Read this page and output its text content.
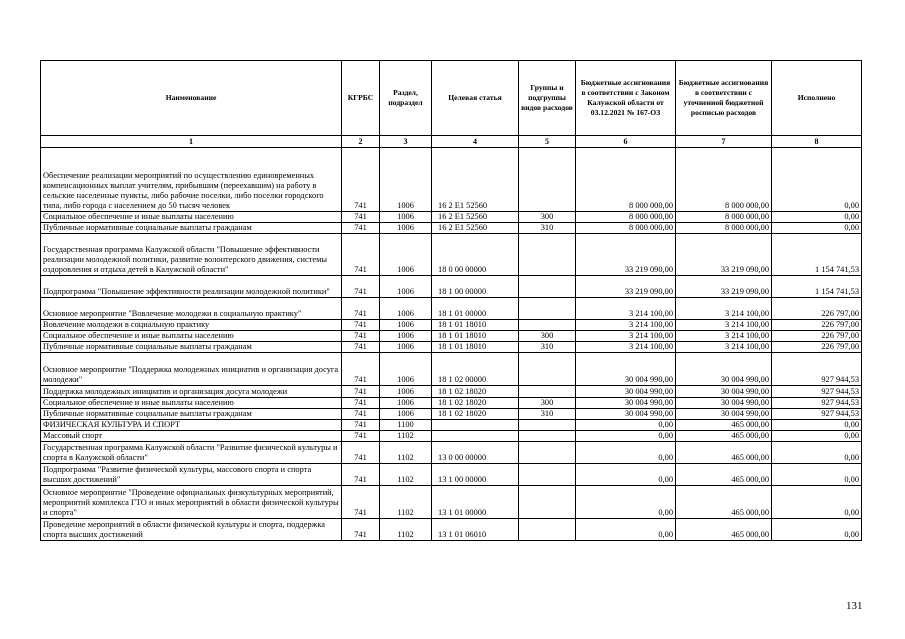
Наименование	КГРБС	Раздел, подраздел	Целевая статья	Группы и подгруппы видов расходов	Бюджетные ассигнования в соответствии с Законом Калужской области от 03.12.2021 № 167-ОЗ	Бюджетные ассигнования в соответствии с уточненной бюджетной росписью расходов	Исполнено
1	2	3	4	5	6	7	8
Обеспечение реализации мероприятий по осуществлению единовременных компенсационных выплат учителям, прибывшим (переехавшим) на работу в сельские населенные пункты, либо рабочие поселки, либо поселки городского типа, либо города с населением до 50 тысяч человек	741	1006	16 2 E1 52560		8 000 000,00	8 000 000,00	0,00
Социальное обеспечение и иные выплаты населению	741	1006	16 2 E1 52560	300	8 000 000,00	8 000 000,00	0,00
Публичные нормативные социальные выплаты гражданам	741	1006	16 2 E1 52560	310	8 000 000,00	8 000 000,00	0,00
Государственная программа Калужской области "Повышение эффективности реализации молодежной политики, развитие волонтерского движения, системы оздоровления и отдыха детей в Калужской области"	741	1006	18 0 00 00000		33 219 090,00	33 219 090,00	1 154 741,53
Подпрограмма "Повышение эффективности реализации молодежной политики"	741	1006	18 1 00 00000		33 219 090,00	33 219 090,00	1 154 741,53
Основное мероприятие "Вовлечение молодежи в социальную практику"	741	1006	18 1 01 00000		3 214 100,00	3 214 100,00	226 797,00
Вовлечение молодежи в социальную практику	741	1006	18 1 01 18010		3 214 100,00	3 214 100,00	226 797,00
Социальное обеспечение и иные выплаты населению	741	1006	18 1 01 18010	300	3 214 100,00	3 214 100,00	226 797,00
Публичные нормативные социальные выплаты гражданам	741	1006	18 1 01 18010	310	3 214 100,00	3 214 100,00	226 797,00
Основное мероприятие "Поддержка молодежных инициатив и организация досуга молодежи"	741	1006	18 1 02 00000		30 004 990,00	30 004 990,00	927 944,53
Поддержка молодежных инициатив и организация досуга молодежи	741	1006	18 1 02 18020		30 004 990,00	30 004 990,00	927 944,53
Социальное обеспечение и иные выплаты населению	741	1006	18 1 02 18020	300	30 004 990,00	30 004 990,00	927 944,53
Публичные нормативные социальные выплаты гражданам	741	1006	18 1 02 18020	310	30 004 990,00	30 004 990,00	927 944,53
ФИЗИЧЕСКАЯ КУЛЬТУРА И СПОРТ	741	1100			0,00	465 000,00	0,00
Массовый спорт	741	1102			0,00	465 000,00	0,00
Государственная программа Калужской области "Развитие физической культуры и спорта в Калужской области"	741	1102	13 0 00 00000		0,00	465 000,00	0,00
Подпрограмма "Развитие физической культуры, массового спорта и спорта высших достижений"	741	1102	13 1 00 00000		0,00	465 000,00	0,00
Основное мероприятие "Проведение официальных физкультурных мероприятий, мероприятий комплекса ГТО и иных мероприятий в области физической культуры и спорта"	741	1102	13 1 01 00000		0,00	465 000,00	0,00
Проведение мероприятий в области физической культуры и спорта, поддержка спорта высших достижений	741	1102	13 1 01 06010		0,00	465 000,00	0,00
131
